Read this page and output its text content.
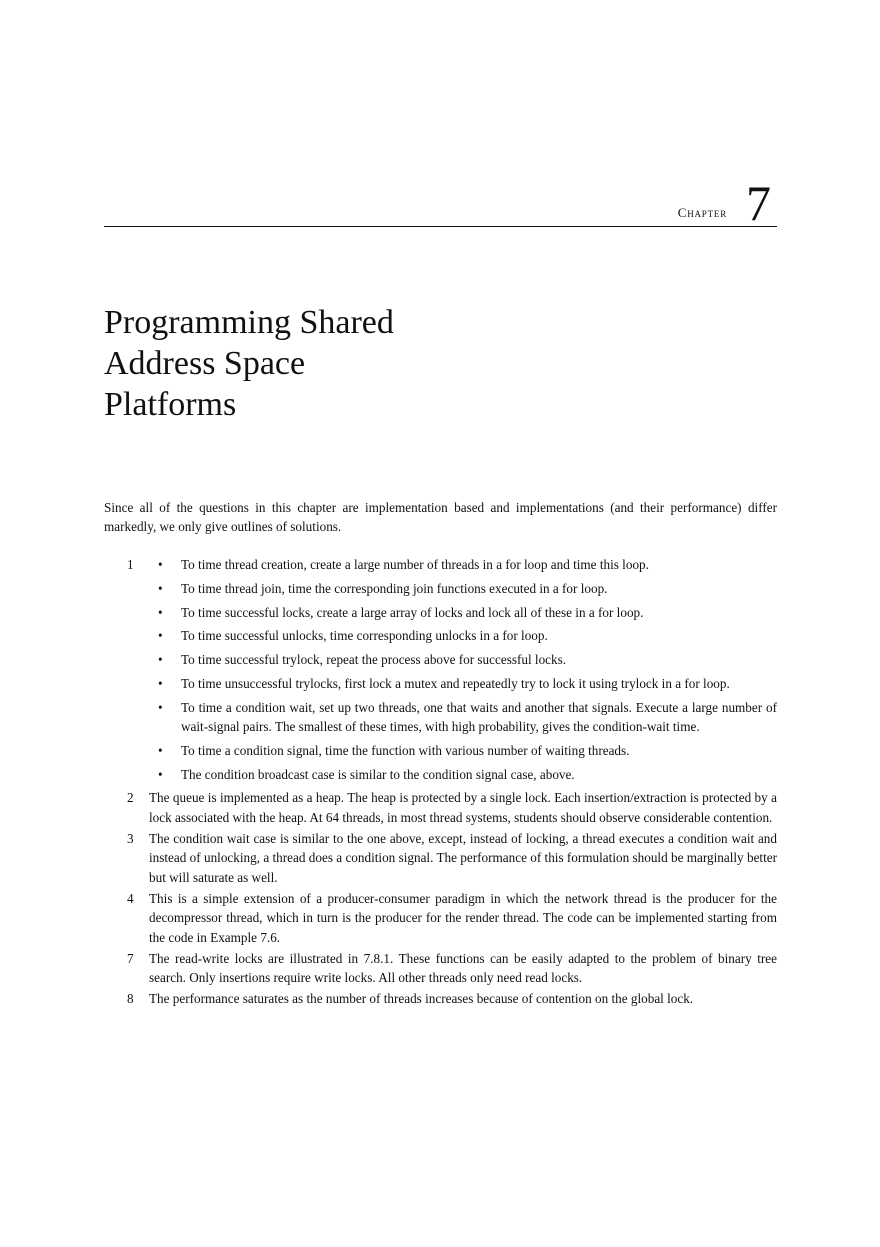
Chapter 7
Programming Shared
Address Space
Platforms

Since all of the questions in this chapter are implementation based and implementations (and their performance) differ markedly, we only give outlines of solutions.

1
•	To time thread creation, create a large number of threads in a for loop and time this loop.
• To time thread join, time the corresponding join functions executed in a for loop.
• To time successful locks, create a large array of locks and lock all of these in a for loop.
• To time successful unlocks, time corresponding unlocks in a for loop.
• To time successful trylock, repeat the process above for successful locks.
• To time unsuccessful trylocks, first lock a mutex and repeatedly try to lock it using trylock in a for loop.
• To time a condition wait, set up two threads, one that waits and another that signals. Execute a large number of wait-signal pairs. The smallest of these times, with high probability, gives the condition-wait time.
• To time a condition signal, time the function with various number of waiting threads.
• The condition broadcast case is similar to the condition signal case, above.
2 The queue is implemented as a heap. The heap is protected by a single lock. Each insertion/extraction is protected by a lock associated with the heap. At 64 threads, in most thread systems, students should observe considerable contention.
3 The condition wait case is similar to the one above, except, instead of locking, a thread executes a condition wait and instead of unlocking, a thread does a condition signal. The performance of this formulation should be marginally better but will saturate as well.
4 This is a simple extension of a producer-consumer paradigm in which the network thread is the producer for the decompressor thread, which in turn is the producer for the render thread. The code can be implemented starting from the code in Example 7.6.
7 The read-write locks are illustrated in 7.8.1. These functions can be easily adapted to the problem of binary tree search. Only insertions require write locks. All other threads only need read locks.
8 The performance saturates as the number of threads increases because of contention on the global lock.
